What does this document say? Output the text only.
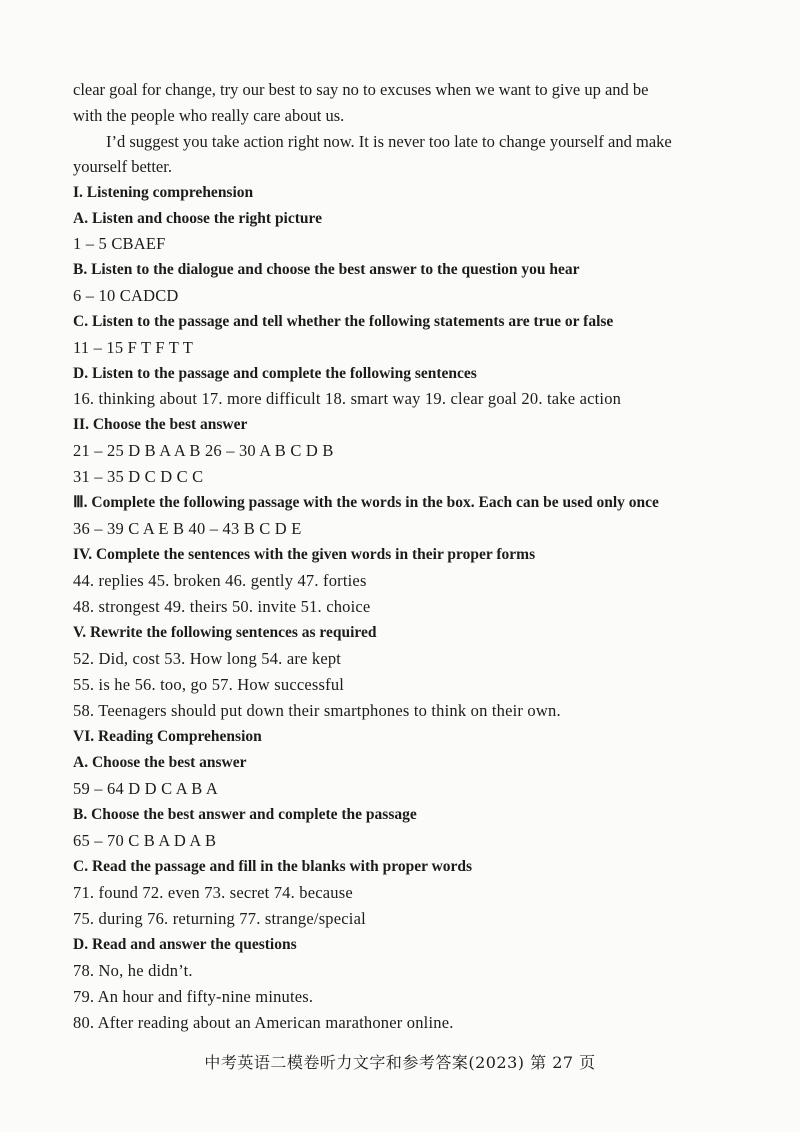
clear goal for change, try our best to say no to excuses when we want to give up and be
with the people who really care about us.
I’d suggest you take action right now. It is never too late to change yourself and make
yourself better.
I. Listening comprehension
A. Listen and choose the right picture
1 – 5 CBAEF
B. Listen to the dialogue and choose the best answer to the question you hear
6 – 10 CADCD
C. Listen to the passage and tell whether the following statements are true or false
11 – 15 F T F T T
D. Listen to the passage and complete the following sentences
16. thinking about 17. more difficult 18. smart way 19. clear goal 20. take action
II. Choose the best answer
21 – 25 D B A A B 26 – 30 A B C D B
31 – 35 D C D C C
Ⅲ. Complete the following passage with the words in the box. Each can be used only once
36 – 39 C A E B 40 – 43 B C D E
IV. Complete the sentences with the given words in their proper forms
44. replies 45. broken 46. gently 47. forties
48. strongest 49. theirs 50. invite 51. choice
V. Rewrite the following sentences as required
52. Did, cost 53. How long 54. are kept
55. is he 56. too, go 57. How successful
58. Teenagers should put down their smartphones to think on their own.
VI. Reading Comprehension
A. Choose the best answer
59 – 64 D D C A B A
B. Choose the best answer and complete the passage
65 – 70 C B A D A B
C. Read the passage and fill in the blanks with proper words
71. found 72. even 73. secret 74. because
75. during 76. returning 77. strange/special
D. Read and answer the questions
78. No, he didn’t.
79. An hour and fifty-nine minutes.
80. After reading about an American marathoner online.
中考英语二模卷听力文字和参考答案(2023) 第 27 页
